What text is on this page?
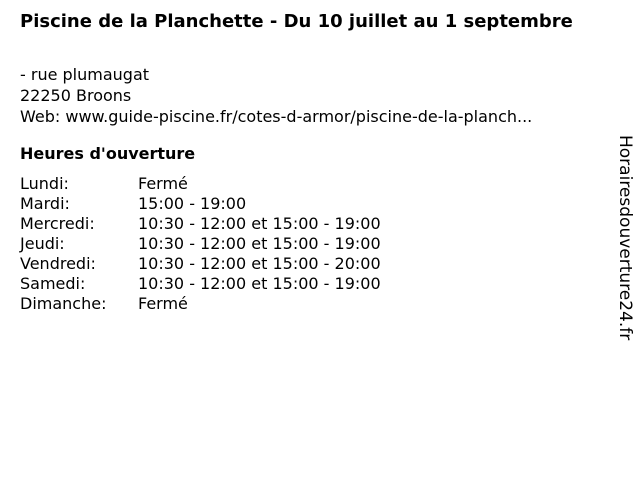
Piscine de la Planchette - Du 10 juillet au 1 septembre
- rue plumaugat
22250 Broons
Web: www.guide-piscine.fr/cotes-d-armor/piscine-de-la-planch...
Heures d'ouverture
Lundi:	Fermé
Mardi:	15:00 - 19:00
Mercredi:	10:30 - 12:00 et 15:00 - 19:00
Jeudi:	10:30 - 12:00 et 15:00 - 19:00
Vendredi:	10:30 - 12:00 et 15:00 - 20:00
Samedi:	10:30 - 12:00 et 15:00 - 19:00
Dimanche:	Fermé	Horairesdouverture24.fr
